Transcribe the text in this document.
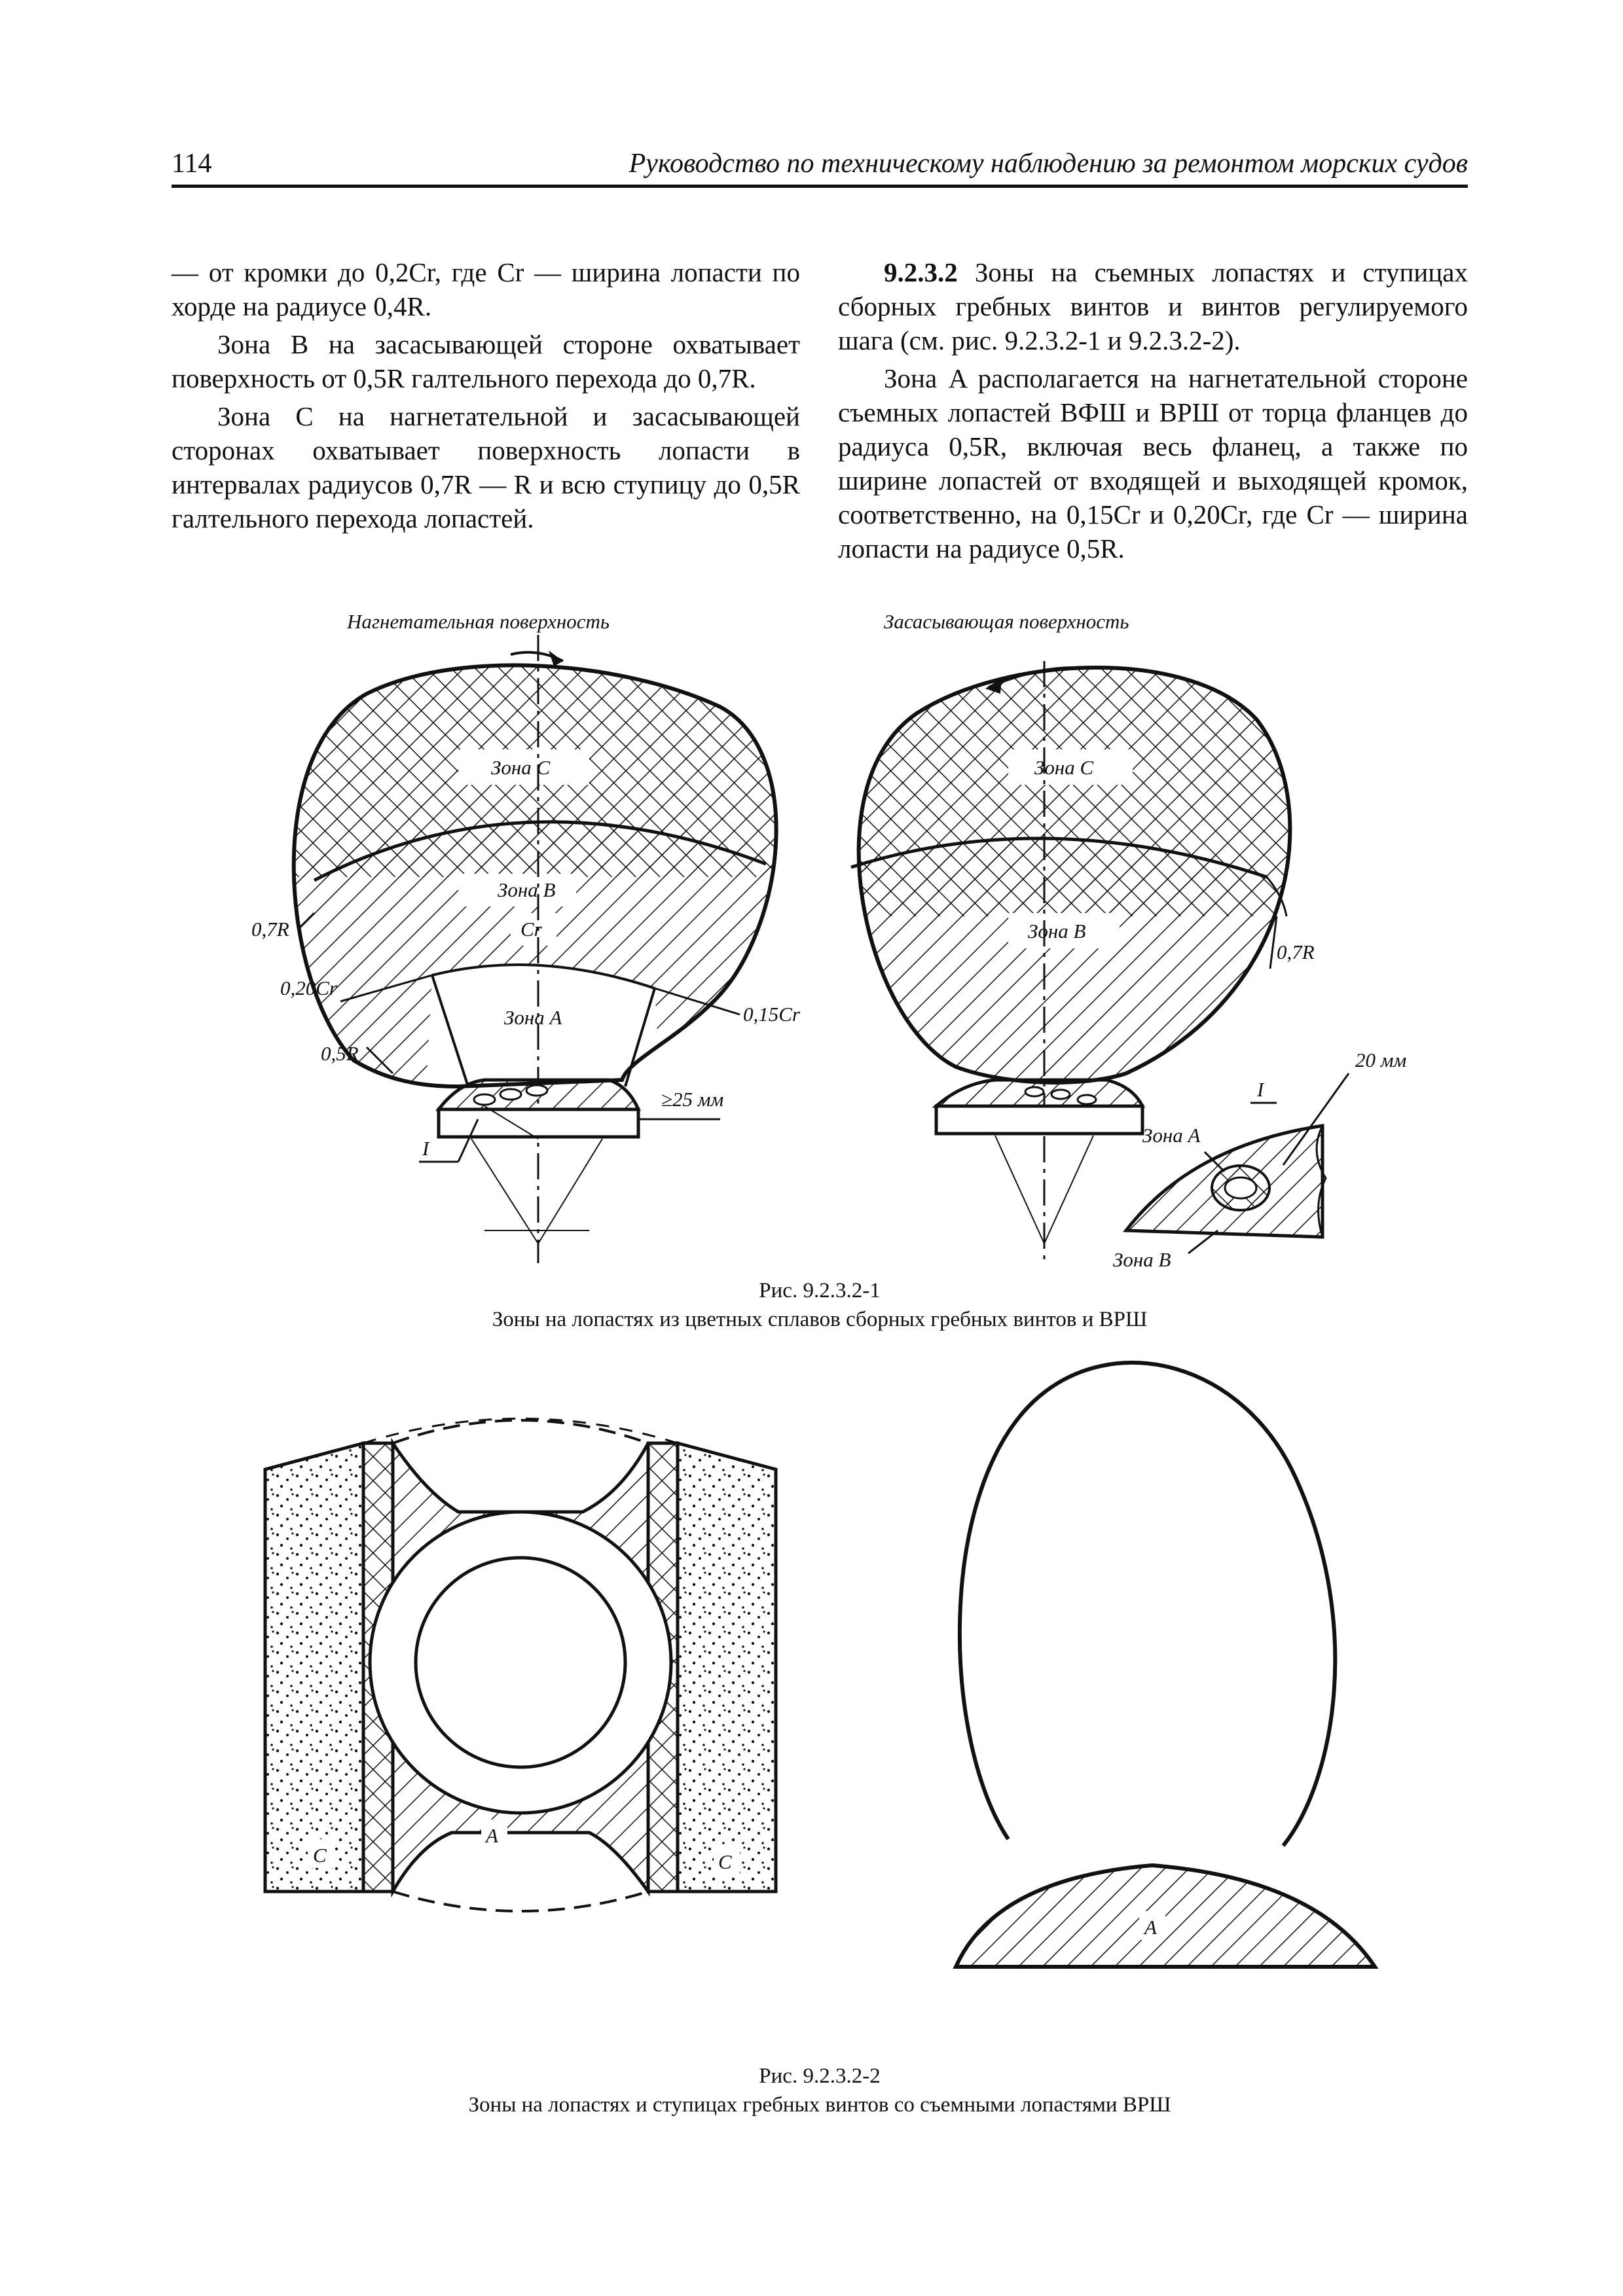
114	Руководство по техническому наблюдению за ремонтом морских судов

— от кромки до 0,2Cr, где Cr — ширина лопасти по хорде на радиусе 0,4R.

Зона B на засасывающей стороне охватывает поверхность от 0,5R галтельного перехода до 0,7R.

Зона C на нагнетательной и засасывающей сторонах охватывает поверхность лопасти в интервалах радиусов 0,7R — R и всю ступицу до 0,5R галтельного перехода лопастей.

9.2.3.2 Зоны на съемных лопастях и ступицах сборных гребных винтов и винтов регулируемого шага (см. рис. 9.2.3.2-1 и 9.2.3.2-2).

Зона A располагается на нагнетательной стороне съемных лопастей ВФШ и ВРШ от торца фланцев до радиуса 0,5R, включая весь фланец, а также по ширине лопастей от входящей и выходящей кромок, соответственно, на 0,15Cr и 0,20Cr, где Cr — ширина лопасти на радиусе 0,5R.

Нагнетательная поверхность
Зона C
Зона B
Cr
Зона A
0,7R
0,20Cr
0,5R
0,15Cr
≥25 мм
I
Засасывающая поверхность
Зона C
Зона B
0,7R
20 мм
I
Зона A
Зона B
C
A
C
A
Рис. 9.2.3.2-1
Зоны на лопастях из цветных сплавов сборных гребных винтов и ВРШ
Рис. 9.2.3.2-2
Зоны на лопастях и ступицах гребных винтов со съемными лопастями ВРШ
